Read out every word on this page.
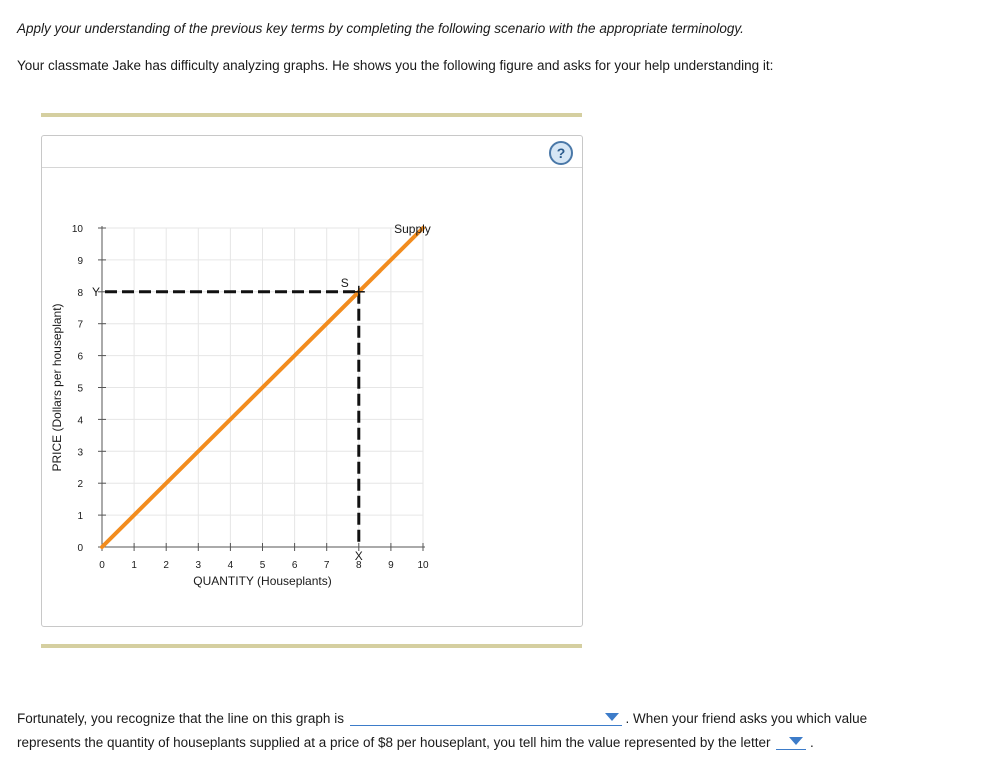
Apply your understanding of the previous key terms by completing the following scenario with the appropriate terminology.

Your classmate Jake has difficulty analyzing graphs. He shows you the following figure and asks for your help understanding it:

?
0	1	2	3	4	5	6	7	8	9 10
0
1
2
3
4
5
6
7
8
9
10	Supply
S
Y
X
QUANTITY (Houseplants)
PRICE (Dollars per houseplant)

Fortunately, you recognize that the line on this graph is	. When your friend asks you which value

represents the quantity of houseplants supplied at a price of $8 per houseplant, you tell him the value represented by the letter	.
